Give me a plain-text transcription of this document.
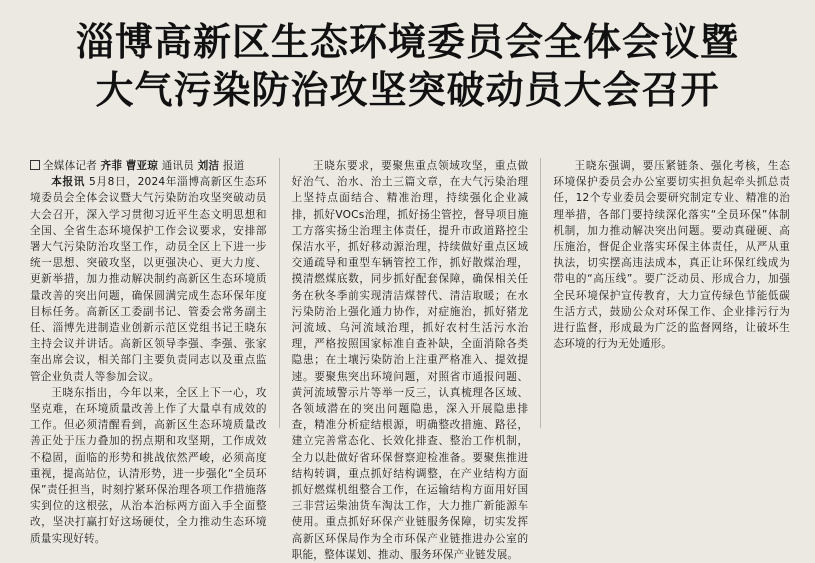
淄博高新区生态环境委员会全体会议暨
大气污染防治攻坚突破动员大会召开
全媒体记者 齐菲 曹亚琼 通讯员 刘洁 报道

本报讯 5月8日，2024年淄博高新区生态环境委员会全体会议暨大气污染防治攻坚突破动员大会召开，深入学习贯彻习近平生态文明思想和全国、全省生态环境保护工作会议要求，安排部署大气污染防治攻坚工作，动员全区上下进一步统一思想、突破攻坚，以更强决心、更大力度、更新举措，加力推动解决制约高新区生态环境质量改善的突出问题，确保圆满完成生态环保年度目标任务。高新区工委副书记、管委会常务副主任、淄博先进制造业创新示范区党组书记王晓东主持会议并讲话。高新区领导李强、李强、张家奎出席会议，相关部门主要负责同志以及重点监管企业负责人等参加会议。

王晓东指出，今年以来，全区上下一心，攻坚克难，在环境质量改善上作了大量卓有成效的工作。但必须清醒看到，高新区生态环境质量改善正处于压力叠加的拐点期和攻坚期，工作成效不稳固，面临的形势和挑战依然严峻，必须高度重视，提高站位，认清形势，进一步强化“全员环保”责任担当，时刻拧紧环保治理各项工作措施落实到位的这根弦，从治本治标两方面入手全面整改，坚决打赢打好这场硬仗，全力推动生态环境质量实现好转。

王晓东要求，要聚焦重点领域攻坚，重点做好治气、治水、治土三篇文章，在大气污染治理上坚持点面结合、精准治理，持续强化企业减排，抓好VOCs治理，抓好扬尘管控，督导项目施工方落实扬尘治理主体责任，提升市政道路控尘保洁水平，抓好移动源治理，持续做好重点区域交通疏导和重型车辆管控工作，抓好散煤治理，摸清燃煤底数，同步抓好配套保障，确保相关任务在秋冬季前实现清洁煤替代、清洁取暖；在水污染防治上强化通力协作，对症施治，抓好猪龙河流域、乌河流域治理，抓好农村生活污水治理，严格按照国家标准自查补缺，全面消除各类隐患；在土壤污染防治上注重严格准入、提效提速。要聚焦突出环境问题，对照省市通报问题、黄河流域警示片等举一反三，认真梳理各区域、各领域潜在的突出问题隐患，深入开展隐患排查，精准分析症结根源，明确整改措施、路径，建立完善常态化、长效化排查、整治工作机制，全力以赴做好省环保督察迎检准备。要聚焦推进结构转调，重点抓好结构调整，在产业结构方面抓好燃煤机组整合工作，在运输结构方面用好国三非营运柴油货车淘汰工作，大力推广新能源车使用。重点抓好环保产业链服务保障，切实发挥高新区环保局作为全市环保产业链推进办公室的职能，整体谋划、推动、服务环保产业链发展。

王晓东强调，要压紧链条、强化考核，生态环境保护委员会办公室要切实担负起牵头抓总责任，12个专业委员会要研究制定专业、精准的治理举措，各部门要持续深化落实“全员环保”体制机制，加力推动解决突出问题。要动真碰硬、高压施治，督促企业落实环保主体责任，从严从重执法，切实摆高违法成本，真正让环保红线成为带电的“高压线”。要广泛动员、形成合力，加强全民环境保护宣传教育，大力宣传绿色节能低碳生活方式，鼓励公众对环保工作、企业排污行为进行监督，形成最为广泛的监督网络，让破坏生态环境的行为无处遁形。
